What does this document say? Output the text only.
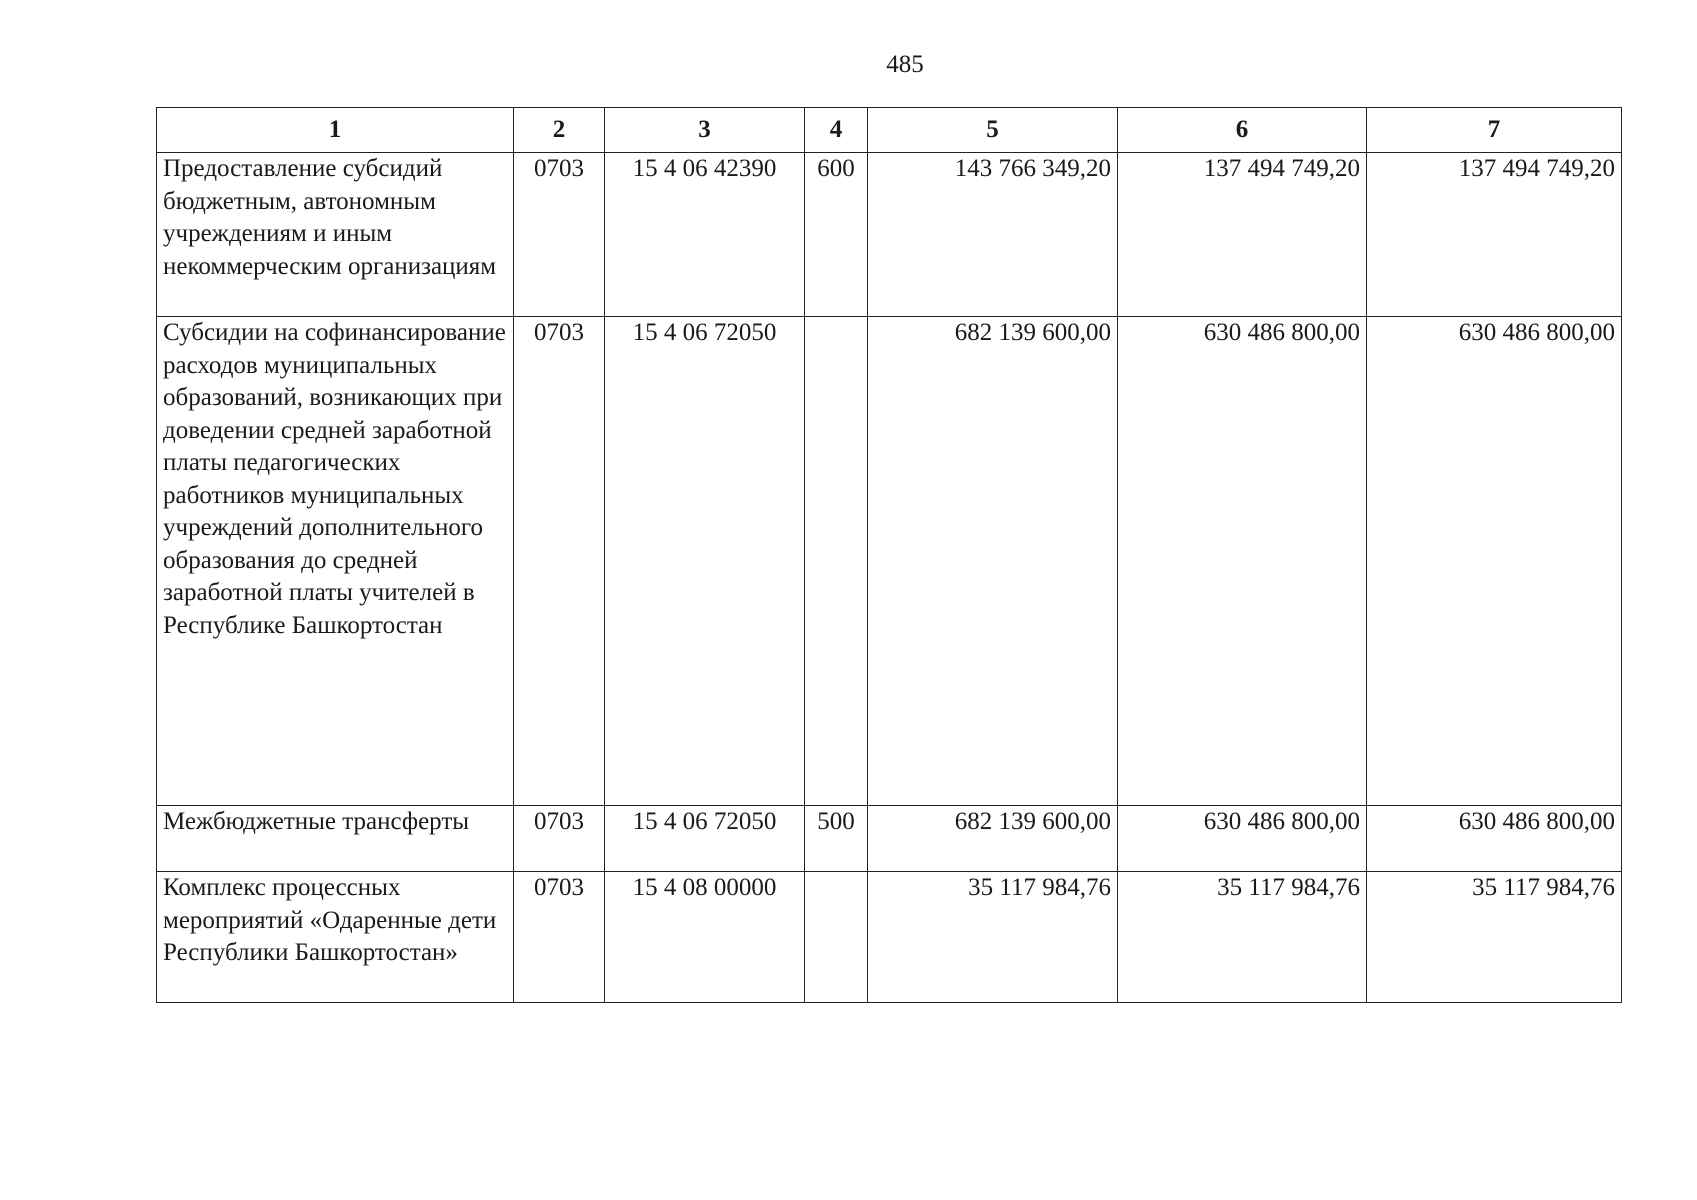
485
1	2	3	4	5	6	7
Предоставление субсидий бюджетным, автономным учреждениям и иным некоммерческим организациям	0703	15 4 06 42390	600	143 766 349,20	137 494 749,20	137 494 749,20
Субсидии на софинансирование расходов муниципальных образований, возникающих при доведении средней заработной платы педагогических работников муниципальных учреждений дополнительного образования до средней заработной платы учителей в Республике Башкортостан	0703	15 4 06 72050		682 139 600,00	630 486 800,00	630 486 800,00
Межбюджетные трансферты	0703	15 4 06 72050	500	682 139 600,00	630 486 800,00	630 486 800,00
Комплекс процессных мероприятий «Одаренные дети Республики Башкортостан»	0703	15 4 08 00000		35 117 984,76	35 117 984,76	35 117 984,76
